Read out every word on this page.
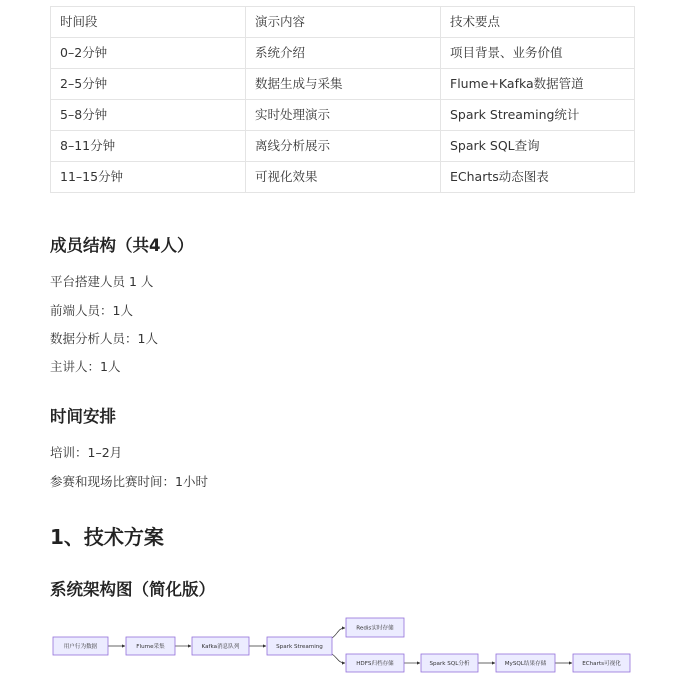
时间段	演示内容	技术要点
0–2分钟	系统介绍	项目背景、业务价值
2–5分钟	数据生成与采集	Flume+Kafka数据管道
5–8分钟	实时处理演示	Spark Streaming统计
8–11分钟	离线分析展示	Spark SQL查询
11–15分钟	可视化效果	ECharts动态图表
成员结构（共4人）

平台搭建人员 1 人

前端人员：1人

数据分析人员：1人

主讲人：1人

时间安排

培训：1–2月

参赛和现场比赛时间：1小时

1、技术方案
系统架构图（简化版）
用户行为数据	Flume采集	Kafka消息队列	Spark Streaming
Redis实时存储
HDFS归档存储	Spark SQL分析	MySQL结果存储	ECharts可视化
